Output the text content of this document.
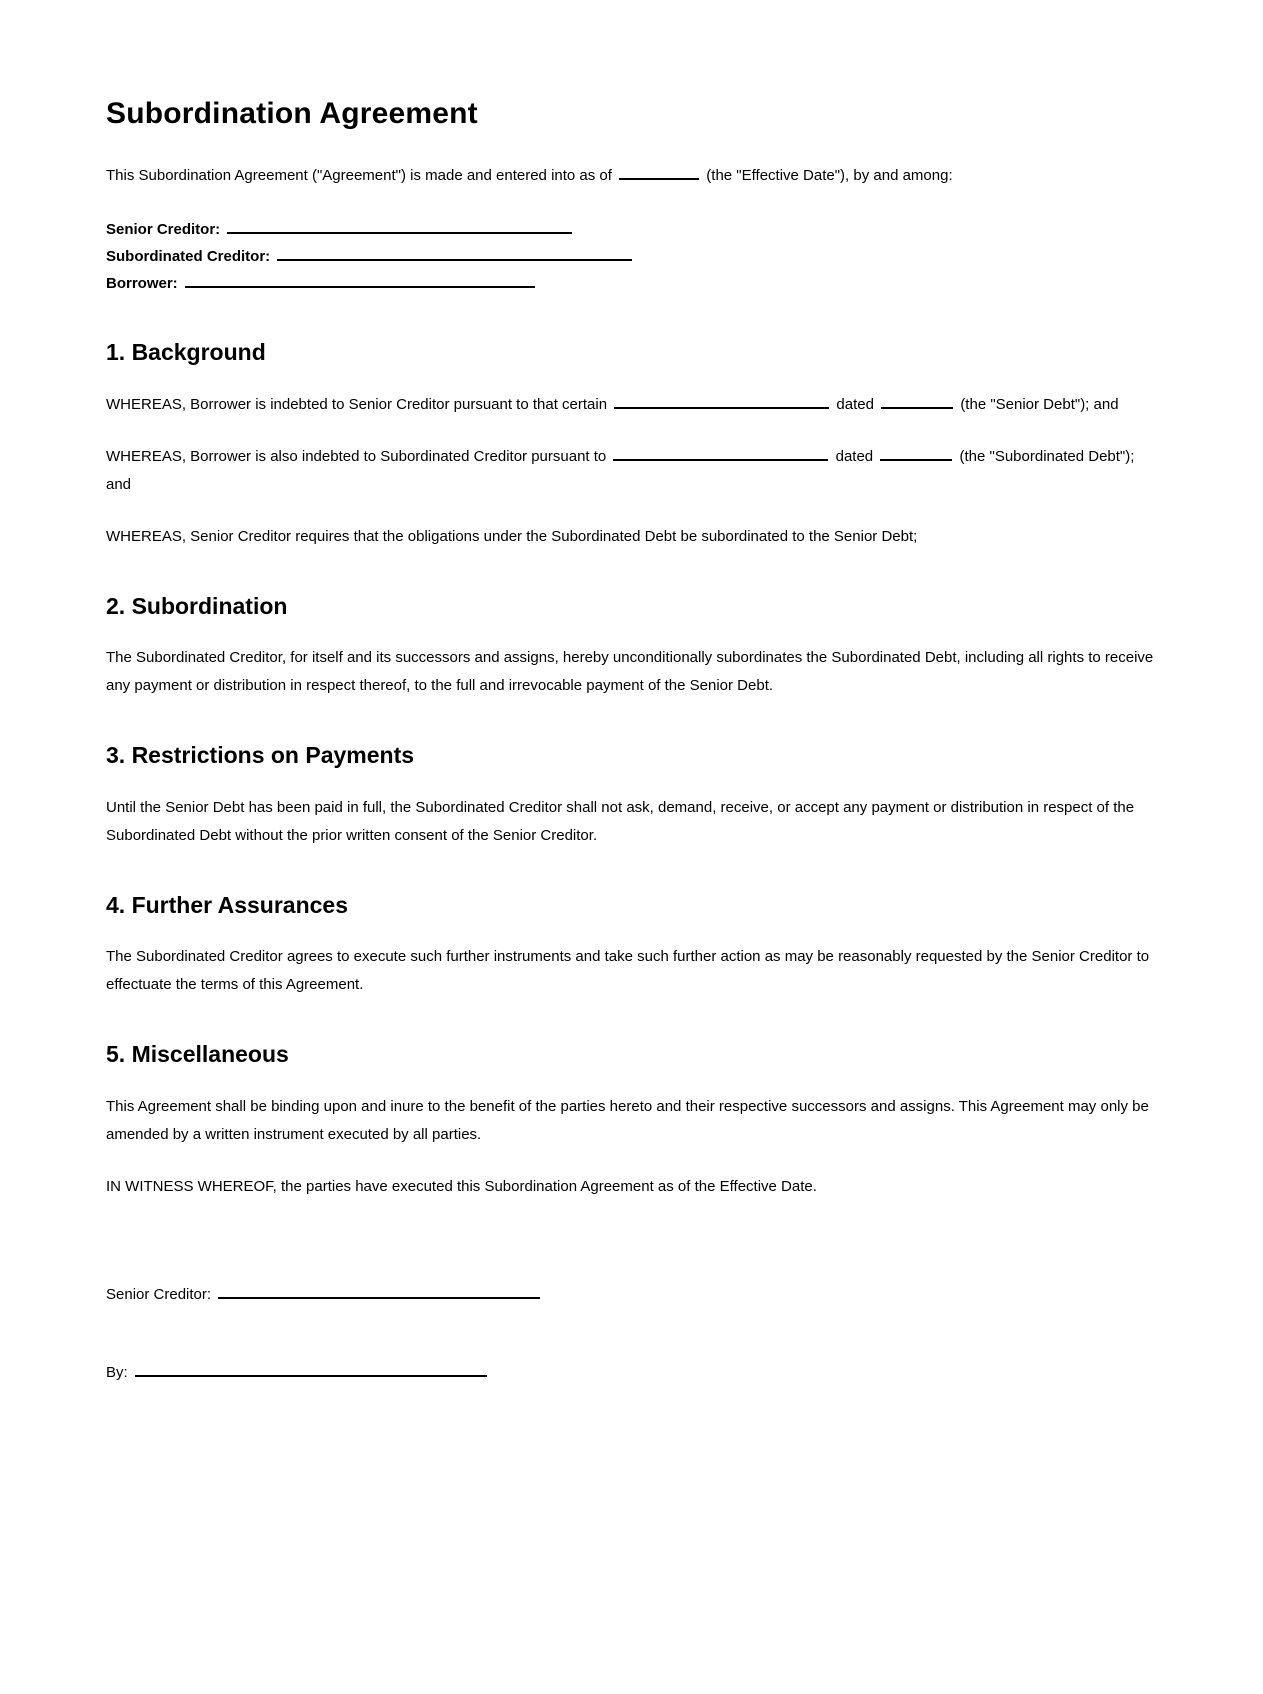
Subordination Agreement

This Subordination Agreement ("Agreement") is made and entered into as of	(the "Effective Date"), by and among:

Senior Creditor:
Subordinated Creditor:
Borrower:
1. Background

WHEREAS, Borrower is indebted to Senior Creditor pursuant to that certain	dated	(the "Senior Debt"); and

WHEREAS, Borrower is also indebted to Subordinated Creditor pursuant to	dated	(the "Subordinated Debt"); and

WHEREAS, Senior Creditor requires that the obligations under the Subordinated Debt be subordinated to the Senior Debt;

2. Subordination

The Subordinated Creditor, for itself and its successors and assigns, hereby unconditionally subordinates the Subordinated Debt, including all rights to receive any payment or distribution in respect thereof, to the full and irrevocable payment of the Senior Debt.

3. Restrictions on Payments

Until the Senior Debt has been paid in full, the Subordinated Creditor shall not ask, demand, receive, or accept any payment or distribution in respect of the Subordinated Debt without the prior written consent of the Senior Creditor.

4. Further Assurances

The Subordinated Creditor agrees to execute such further instruments and take such further action as may be reasonably requested by the Senior Creditor to effectuate the terms of this Agreement.

5. Miscellaneous

This Agreement shall be binding upon and inure to the benefit of the parties hereto and their respective successors and assigns. This Agreement may only be amended by a written instrument executed by all parties.

IN WITNESS WHEREOF, the parties have executed this Subordination Agreement as of the Effective Date.

Senior Creditor:
By:
